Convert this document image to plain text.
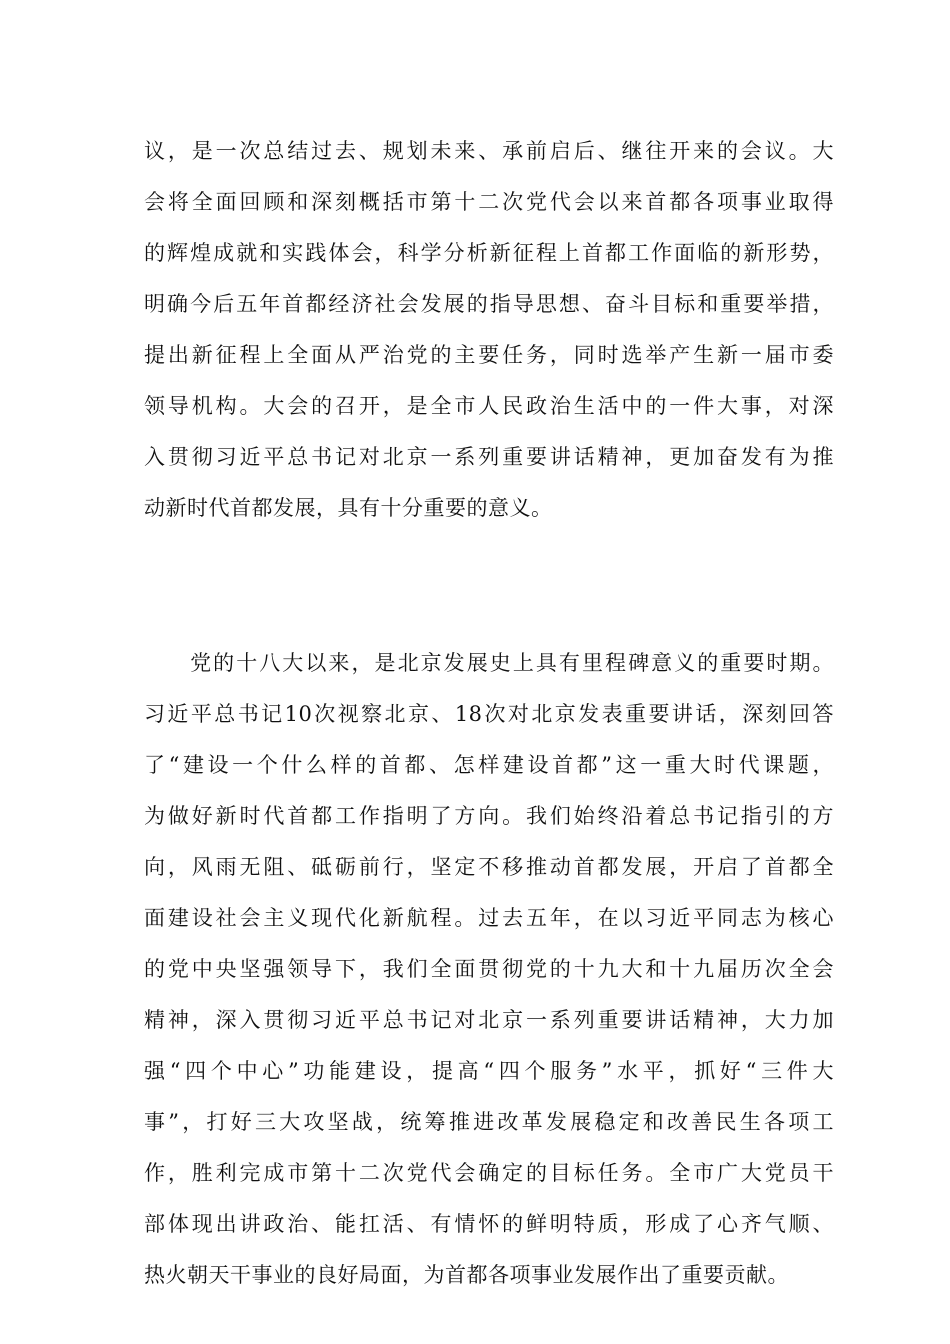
议，是一次总结过去、规划未来、承前启后、继往开来的会议。大
会将全面回顾和深刻概括市第十二次党代会以来首都各项事业取得
的辉煌成就和实践体会，科学分析新征程上首都工作面临的新形势，
明确今后五年首都经济社会发展的指导思想、奋斗目标和重要举措，
提出新征程上全面从严治党的主要任务，同时选举产生新一届市委
领导机构。大会的召开，是全市人民政治生活中的一件大事，对深
入贯彻习近平总书记对北京一系列重要讲话精神，更加奋发有为推
动新时代首都发展，具有十分重要的意义。

　　党的十八大以来，是北京发展史上具有里程碑意义的重要时期。
习近平总书记10次视察北京、18次对北京发表重要讲话，深刻回答
了“建设一个什么样的首都、怎样建设首都”这一重大时代课题，
为做好新时代首都工作指明了方向。我们始终沿着总书记指引的方
向，风雨无阻、砥砺前行，坚定不移推动首都发展，开启了首都全
面建设社会主义现代化新航程。过去五年，在以习近平同志为核心
的党中央坚强领导下，我们全面贯彻党的十九大和十九届历次全会
精神，深入贯彻习近平总书记对北京一系列重要讲话精神，大力加
强“四个中心”功能建设，提高“四个服务”水平，抓好“三件大
事”，打好三大攻坚战，统筹推进改革发展稳定和改善民生各项工
作，胜利完成市第十二次党代会确定的目标任务。全市广大党员干
部体现出讲政治、能扛活、有情怀的鲜明特质，形成了心齐气顺、
热火朝天干事业的良好局面，为首都各项事业发展作出了重要贡献。
